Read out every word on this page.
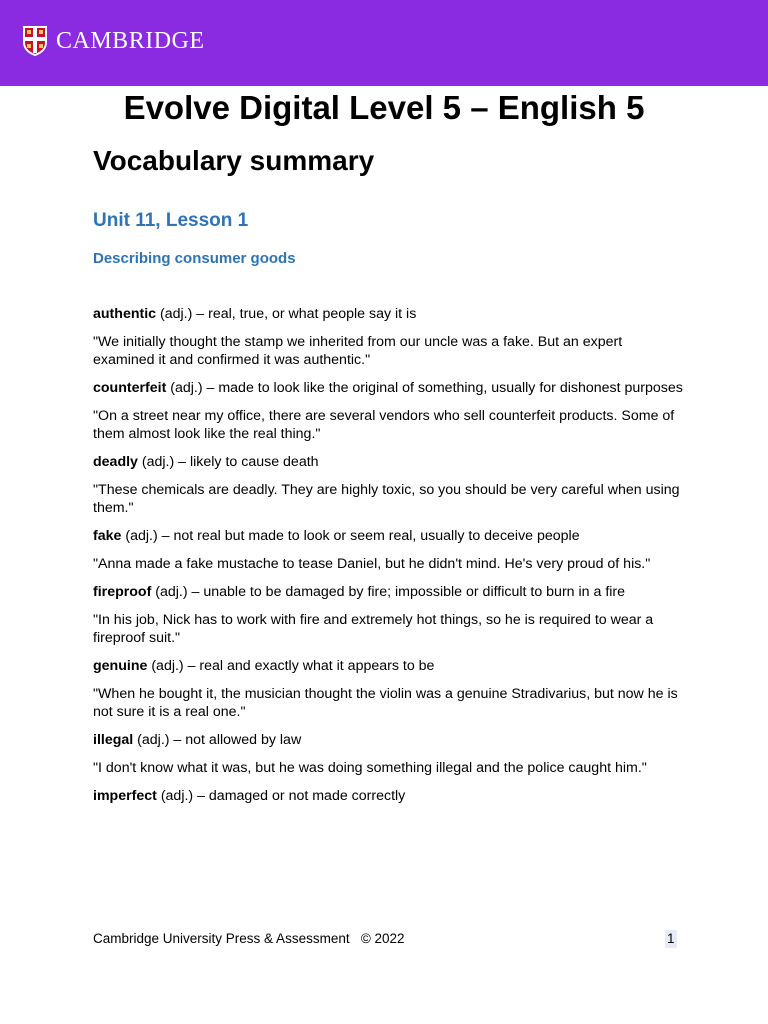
CAMBRIDGE
Evolve Digital Level 5 – English 5
Vocabulary summary
Unit 11, Lesson 1
Describing consumer goods

authentic (adj.) – real, true, or what people say it is

"We initially thought the stamp we inherited from our uncle was a fake. But an expert examined it and confirmed it was authentic."

counterfeit (adj.) – made to look like the original of something, usually for dishonest purposes

"On a street near my office, there are several vendors who sell counterfeit products. Some of them almost look like the real thing."

deadly (adj.) – likely to cause death

"These chemicals are deadly. They are highly toxic, so you should be very careful when using them."

fake (adj.) – not real but made to look or seem real, usually to deceive people

"Anna made a fake mustache to tease Daniel, but he didn't mind. He's very proud of his."

fireproof (adj.) – unable to be damaged by fire; impossible or difficult to burn in a fire

"In his job, Nick has to work with fire and extremely hot things, so he is required to wear a fireproof suit."

genuine (adj.) – real and exactly what it appears to be

"When he bought it, the musician thought the violin was a genuine Stradivarius, but now he is not sure it is a real one."

illegal (adj.) – not allowed by law

"I don't know what it was, but he was doing something illegal and the police caught him."

imperfect (adj.) – damaged or not made correctly

Cambridge University Press & Assessment   © 2022	1
